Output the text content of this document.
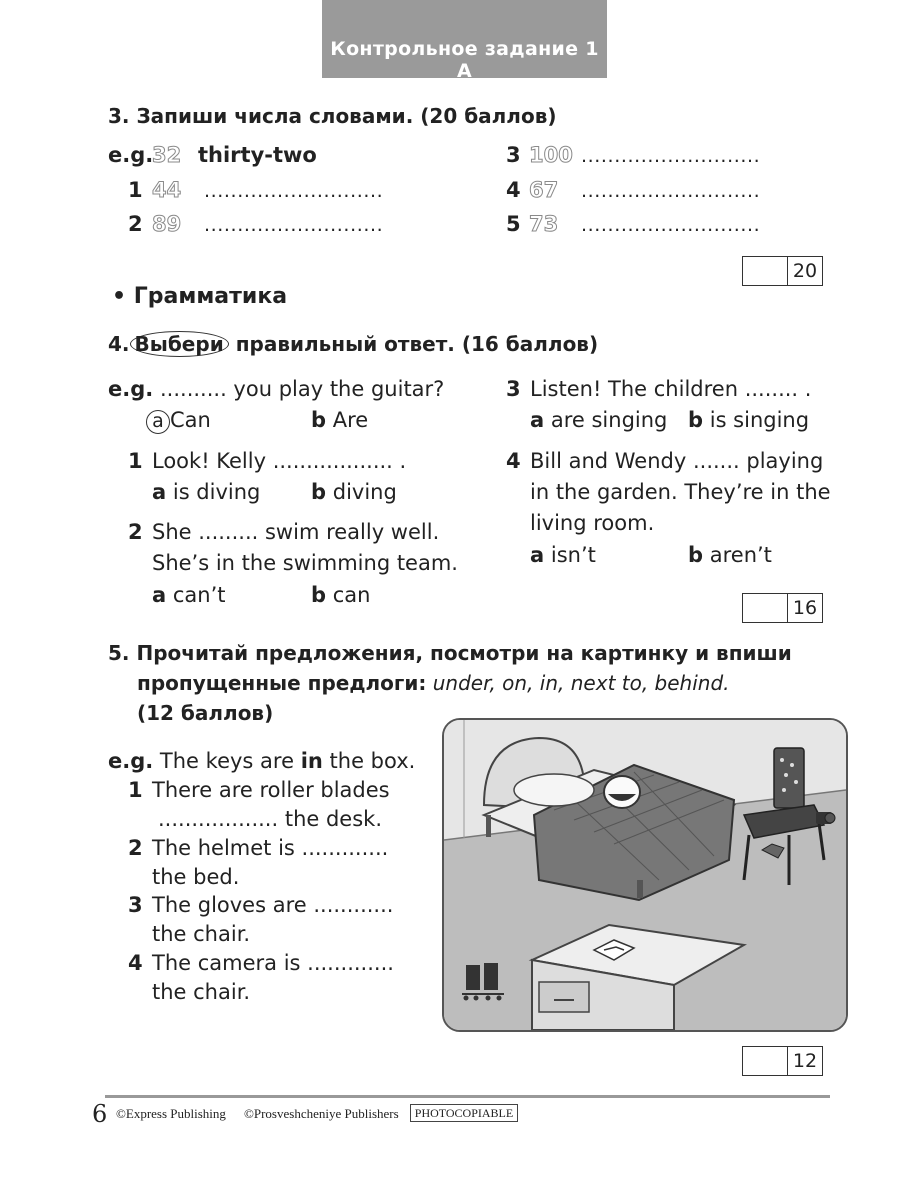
Контрольное задание 1 A
3. Запиши числа словами. (20 баллов)
e.g.
32 thirty-two
1 44 ...........................
2 89 ...........................
3 100 ...........................
4 67 ...........................
5 73 ...........................
20
• Грамматика
4. Выбери правильный ответ. (16 баллов)
e.g. .......... you play the guitar?
a Can	b Are
1 Look! Kelly .................. .
a is diving b diving
2 She ......... swim really well.
She’s in the swimming team.
a can’t	b can
3 Listen! The children ........ .
a are singing b is singing
4 Bill and Wendy ....... playing
in the garden. They’re in the
living room.
a isn’t	b aren’t
16
5. Прочитай предложения, посмотри на картинку и впиши
пропущенные предлоги: under, on, in, next to, behind.
(12 баллов)
e.g. The keys are in the box.
1 There are roller blades
.................. the desk.
2 The helmet is .............
the bed.
3 The gloves are ............
the chair.
4 The camera is .............
the chair.
12
6 ©Express Publishing ©Prosveshcheniye Publishers	PHOTOCOPIABLE
